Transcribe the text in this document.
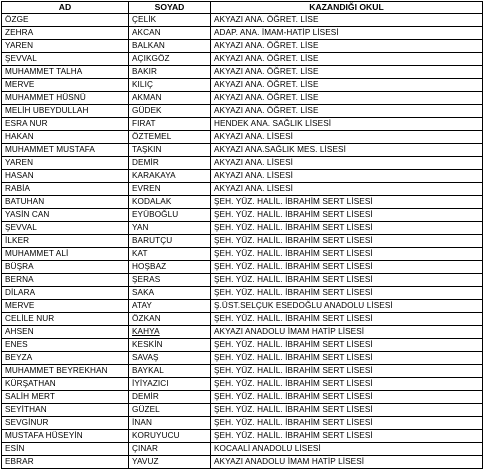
AD	SOYAD	KAZANDIĞI OKUL
ÖZGE	ÇELİK	AKYAZI ANA. ÖĞRET. LİSE
ZEHRA	AKCAN	ADAP. ANA. İMAM-HATİP LİSESİ
YAREN	BALKAN	AKYAZI ANA. ÖĞRET. LİSE
ŞEVVAL	AÇIKGÖZ	AKYAZI ANA. ÖĞRET. LİSE
MUHAMMET TALHA	BAKIR	AKYAZI ANA. ÖĞRET. LİSE
MERVE	KILIÇ	AKYAZI ANA. ÖĞRET. LİSE
MUHAMMET HÜSNÜ	AKMAN	AKYAZI ANA. ÖĞRET. LİSE
MELİH UBEYDULLAH	GÜDEK	AKYAZI ANA. ÖĞRET. LİSE
ESRA NUR	FIRAT	HENDEK ANA. SAĞLIK LİSESİ
HAKAN	ÖZTEMEL	AKYAZI ANA. LİSESİ
MUHAMMET MUSTAFA	TAŞKIN	AKYAZI ANA.SAĞLIK MES. LİSESİ
YAREN	DEMİR	AKYAZI ANA. LİSESİ
HASAN	KARAKAYA	AKYAZI ANA. LİSESİ
RABİA	EVREN	AKYAZI ANA. LİSESİ
BATUHAN	KODALAK	ŞEH. YÜZ. HALİL. İBRAHİM SERT LİSESİ
YASİN CAN	EYÜBOĞLU	ŞEH. YÜZ. HALİL. İBRAHİM SERT LİSESİ
ŞEVVAL	YAN	ŞEH. YÜZ. HALİL. İBRAHİM SERT LİSESİ
İLKER	BARUTÇU	ŞEH. YÜZ. HALİL. İBRAHİM SERT LİSESİ
MUHAMMET ALİ	KAT	ŞEH. YÜZ. HALİL. İBRAHİM SERT LİSESİ
BÜŞRA	HOŞBAZ	ŞEH. YÜZ. HALİL. İBRAHİM SERT LİSESİ
BERNA	ŞERAS	ŞEH. YÜZ. HALİL. İBRAHİM SERT LİSESİ
DİLARA	SAKA	ŞEH. YÜZ. HALİL. İBRAHİM SERT LİSESİ
MERVE	ATAY	Ş.ÜST.SELÇUK ESEDOĞLU ANADOLU LİSESİ
CELİLE NUR	ÖZKAN	ŞEH. YÜZ. HALİL. İBRAHİM SERT LİSESİ
AHSEN	KAHYA	AKYAZI ANADOLU İMAM HATİP LİSESİ
ENES	KESKİN	ŞEH. YÜZ. HALİL. İBRAHİM SERT LİSESİ
BEYZA	SAVAŞ	ŞEH. YÜZ. HALİL. İBRAHİM SERT LİSESİ
MUHAMMET BEYREKHAN	BAYKAL	ŞEH. YÜZ. HALİL. İBRAHİM SERT LİSESİ
KÜRŞATHAN	İYİYAZICI	ŞEH. YÜZ. HALİL. İBRAHİM SERT LİSESİ
SALİH MERT	DEMİR	ŞEH. YÜZ. HALİL. İBRAHİM SERT LİSESİ
SEYİTHAN	GÜZEL	ŞEH. YÜZ. HALİL. İBRAHİM SERT LİSESİ
SEVGİNUR	İNAN	ŞEH. YÜZ. HALİL. İBRAHİM SERT LİSESİ
MUSTAFA HÜSEYİN	KORUYUCU	ŞEH. YÜZ. HALİL. İBRAHİM SERT LİSESİ
ESİN	ÇINAR	KOCAALİ ANADOLU LİSESİ
EBRAR	YAVUZ	AKYAZI ANADOLU İMAM HATİP LİSESİ
